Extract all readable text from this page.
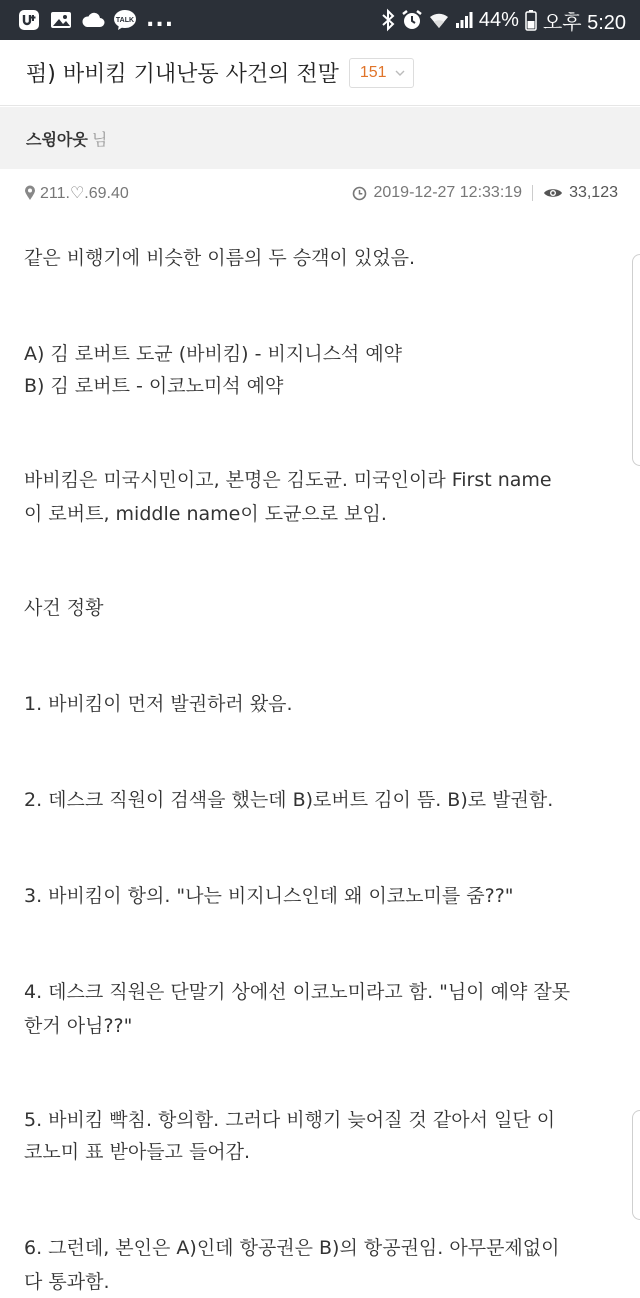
TALK ...	44% 오후 5:20
펌) 바비킴 기내난동 사건의 전말 151
스윙아웃 님
211.♡.69.40	2019-12-27 12:33:19	33,123

같은 비행기에 비슷한 이름의 두 승객이 있었음.

A) 김 로버트 도균 (바비킴) - 비지니스석 예약

B) 김 로버트 - 이코노미석 예약

바비킴은 미국시민이고, 본명은 김도균. 미국인이라 First name

이 로버트, middle name이 도균으로 보임.

사건 정황

1. 바비킴이 먼저 발권하러 왔음.

2. 데스크 직원이 검색을 했는데 B)로버트 김이 뜸. B)로 발권함.

3. 바비킴이 항의. "나는 비지니스인데 왜 이코노미를 줌??"

4. 데스크 직원은 단말기 상에선 이코노미라고 함. "님이 예약 잘못

한거 아님??"

5. 바비킴 빡침. 항의함. 그러다 비행기 늦어질 것 같아서 일단 이

코노미 표 받아들고 들어감.

6. 그런데, 본인은 A)인데 항공권은 B)의 항공권임. 아무문제없이

다 통과함.
